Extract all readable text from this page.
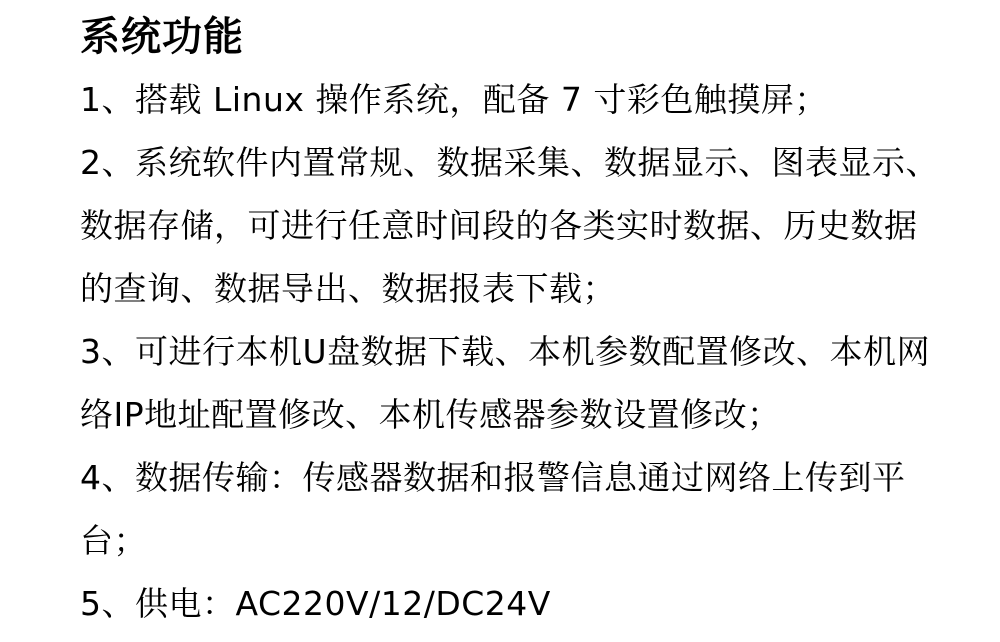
系统功能
1、搭载 Linux 操作系统，配备 7 寸彩色触摸屏；
2、系统软件内置常规、数据采集、数据显示、图表显示、
数据存储，可进行任意时间段的各类实时数据、历史数据
的查询、数据导出、数据报表下载；
3、可进行本机U盘数据下载、本机参数配置修改、本机网
络IP地址配置修改、本机传感器参数设置修改；
4、数据传输：传感器数据和报警信息通过网络上传到平
台；
5、供电：AC220V/12/DC24V
